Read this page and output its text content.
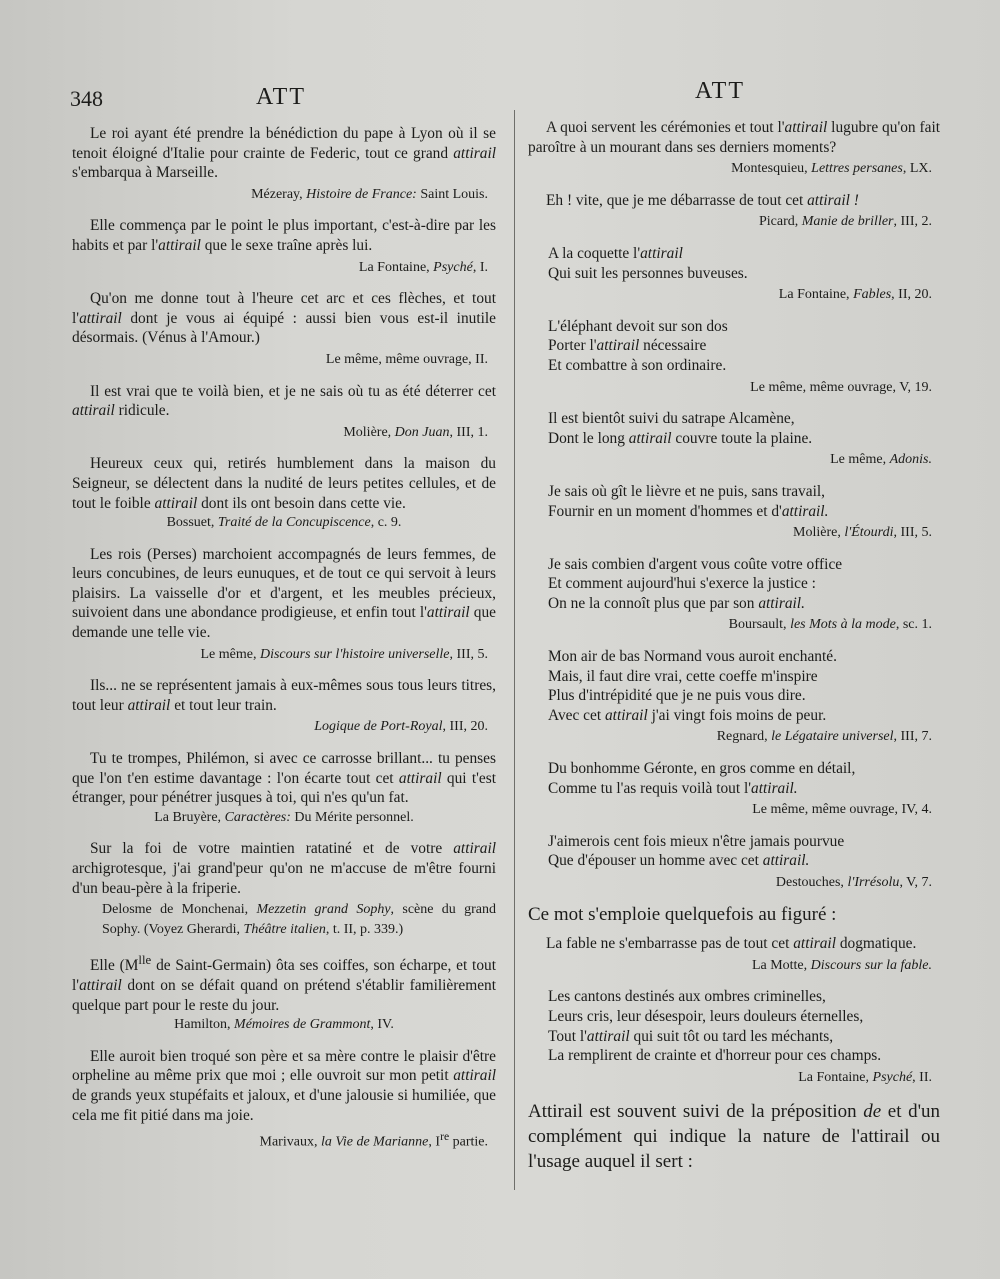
348	ATT	ATT
Le roi ayant été prendre la bénédiction du pape à Lyon où il se tenoit éloigné d'Italie pour crainte de Federic, tout ce grand attirail s'embarqua à Marseille.
Mézeray, Histoire de France: Saint Louis.
Elle commença par le point le plus important, c'est-à-dire par les habits et par l'attirail que le sexe traîne après lui.
La Fontaine, Psyché, I.
Qu'on me donne tout à l'heure cet arc et ces flèches, et tout l'attirail dont je vous ai équipé : aussi bien vous est-il inutile désormais. (Vénus à l'Amour.)
Le même, même ouvrage, II.
Il est vrai que te voilà bien, et je ne sais où tu as été déterrer cet attirail ridicule.
Molière, Don Juan, III, 1.
Heureux ceux qui, retirés humblement dans la maison du Seigneur, se délectent dans la nudité de leurs petites cellules, et de tout le foible attirail dont ils ont besoin dans cette vie.
Bossuet, Traité de la Concupiscence, c. 9.
Les rois (Perses) marchoient accompagnés de leurs femmes, de leurs concubines, de leurs eunuques, et de tout ce qui servoit à leurs plaisirs. La vaisselle d'or et d'argent, et les meubles précieux, suivoient dans une abondance prodigieuse, et enfin tout l'attirail que demande une telle vie.
Le même, Discours sur l'histoire universelle, III, 5.
Ils... ne se représentent jamais à eux-mêmes sous tous leurs titres, tout leur attirail et tout leur train.
Logique de Port-Royal, III, 20.
Tu te trompes, Philémon, si avec ce carrosse brillant... tu penses que l'on t'en estime davantage : l'on écarte tout cet attirail qui t'est étranger, pour pénétrer jusques à toi, qui n'es qu'un fat.
La Bruyère, Caractères: Du Mérite personnel.
Sur la foi de votre maintien ratatiné et de votre attirail archigrotesque, j'ai grand'peur qu'on ne m'accuse de m'être fourni d'un beau-père à la friperie.
Delosme de Monchenai, Mezzetin grand Sophy, scène du grand Sophy. (Voyez Gherardi, Théâtre italien, t. II, p. 339.)
Elle ($M^{lle}$ de Saint-Germain) ôta ses coiffes, son écharpe, et tout l'attirail dont on se défait quand on prétend s'établir familièrement quelque part pour le reste du jour.
Hamilton, Mémoires de Grammont, IV.
Elle auroit bien troqué son père et sa mère contre le plaisir d'être orpheline au même prix que moi ; elle ouvroit sur mon petit attirail de grands yeux stupéfaits et jaloux, et d'une jalousie si humiliée, que cela me fit pitié dans ma joie.
Marivaux, la Vie de Marianne, Ire partie.
A quoi servent les cérémonies et tout l'attirail lugubre qu'on fait paroître à un mourant dans ses derniers moments?
Montesquieu, Lettres persanes, LX.
Eh ! vite, que je me débarrasse de tout cet attirail !
Picard, Manie de briller, III, 2.
A la coquette l'attirail
Qui suit les personnes buveuses.
La Fontaine, Fables, II, 20.
L'éléphant devoit sur son dos
Porter l'attirail nécessaire
Et combattre à son ordinaire.
Le même, même ouvrage, V, 19.
Il est bientôt suivi du satrape Alcamène,
Dont le long attirail couvre toute la plaine.
Le même, Adonis.
Je sais où gît le lièvre et ne puis, sans travail,
Fournir en un moment d'hommes et d'attirail.
Molière, l'Étourdi, III, 5.
Je sais combien d'argent vous coûte votre office
Et comment aujourd'hui s'exerce la justice :
On ne la connoît plus que par son attirail.
Boursault, les Mots à la mode, sc. 1.
Mon air de bas Normand vous auroit enchanté.
Mais, il faut dire vrai, cette coeffe m'inspire
Plus d'intrépidité que je ne puis vous dire.
Avec cet attirail j'ai vingt fois moins de peur.
Regnard, le Légataire universel, III, 7.
Du bonhomme Géronte, en gros comme en détail,
Comme tu l'as requis voilà tout l'attirail.
Le même, même ouvrage, IV, 4.
J'aimerois cent fois mieux n'être jamais pourvue
Que d'épouser un homme avec cet attirail.
Destouches, l'Irrésolu, V, 7.
Ce mot s'emploie quelquefois au figuré :
La fable ne s'embarrasse pas de tout cet attirail dogmatique.
La Motte, Discours sur la fable.
Les cantons destinés aux ombres criminelles,
Leurs cris, leur désespoir, leurs douleurs éternelles,
Tout l'attirail qui suit tôt ou tard les méchants,
La remplirent de crainte et d'horreur pour ces champs.
La Fontaine, Psyché, II.
Attirail est souvent suivi de la préposition de et d'un complément qui indique la nature de l'attirail ou l'usage auquel il sert :
